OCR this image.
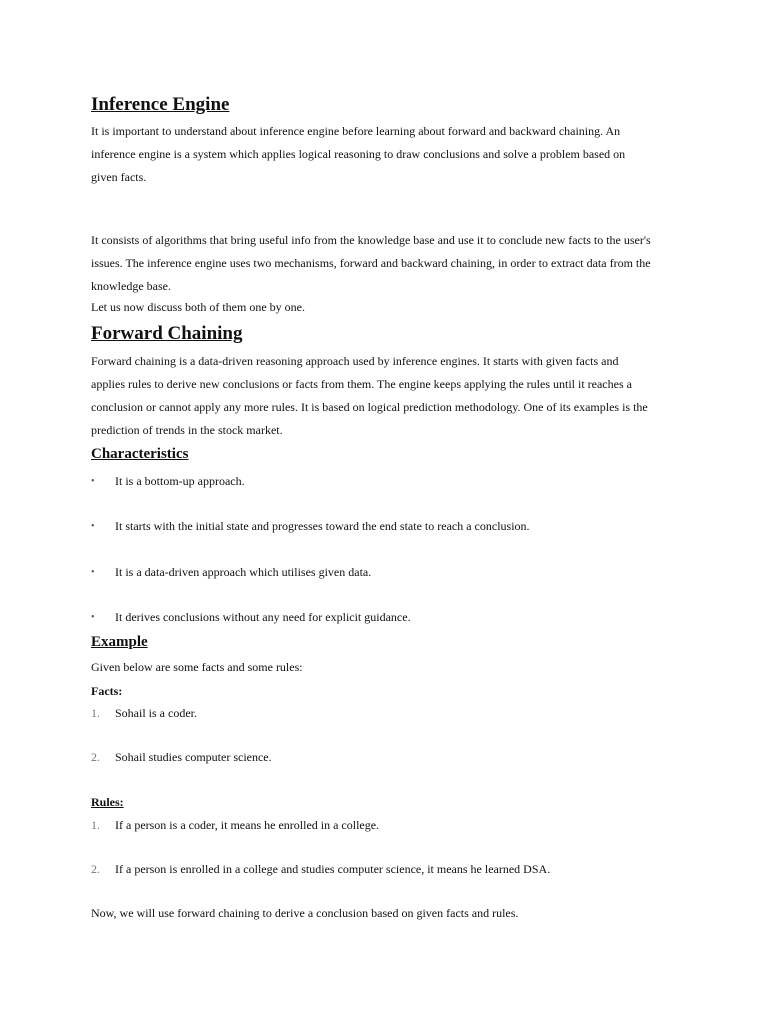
Inference Engine

It is important to understand about inference engine before learning about forward and backward chaining. An
inference engine is a system which applies logical reasoning to draw conclusions and solve a problem based on
given facts.

It consists of algorithms that bring useful info from the knowledge base and use it to conclude new facts to the user's
issues. The inference engine uses two mechanisms, forward and backward chaining, in order to extract data from the
knowledge base.

Let us now discuss both of them one by one.

Forward Chaining

Forward chaining is a data-driven reasoning approach used by inference engines. It starts with given facts and
applies rules to derive new conclusions or facts from them. The engine keeps applying the rules until it reaches a
conclusion or cannot apply any more rules. It is based on logical prediction methodology. One of its examples is the
prediction of trends in the stock market.

Characteristics
•	It is a bottom-up approach.
•	It starts with the initial state and progresses toward the end state to reach a conclusion.
•	It is a data-driven approach which utilises given data.
•	It derives conclusions without any need for explicit guidance.
Example

Given below are some facts and some rules:

Facts:
1. Sohail is a coder.
2. Sohail studies computer science.
Rules:
1. If a person is a coder, it means he enrolled in a college.
2. If a person is enrolled in a college and studies computer science, it means he learned DSA.

Now, we will use forward chaining to derive a conclusion based on given facts and rules.
